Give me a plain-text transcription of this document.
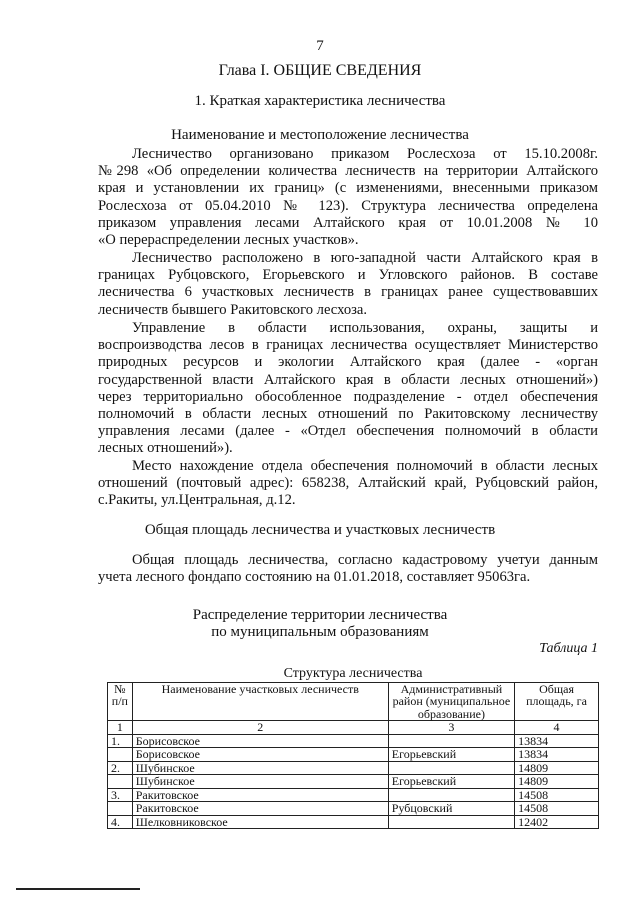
7
Глава I. ОБЩИЕ СВЕДЕНИЯ
1. Краткая характеристика лесничества
Наименование и местоположение лесничества
Лесничество организовано приказом Рослесхоза от 15.10.2008г.
№298 «Об определении количества лесничеств на территории Алтайского
края и установлении их границ» (с изменениями, внесенными приказом
Рослесхоза от 05.04.2010 № 123). Структура лесничества определена
приказом управления лесами Алтайского края от 10.01.2008 № 10
«О перераспределении лесных участков».
Лесничество расположено в юго-западной части Алтайского края в
границах Рубцовского, Егорьевского и Угловского районов. В составе
лесничества 6 участковых лесничеств в границах ранее существовавших
лесничеств бывшего Ракитовского лесхоза.
Управление в области использования, охраны, защиты и
воспроизводства лесов в границах лесничества осуществляет Министерство
природных ресурсов и экологии Алтайского края (далее - «орган
государственной власти Алтайского края в области лесных отношений»)
через территориально обособленное подразделение - отдел обеспечения
полномочий в области лесных отношений по Ракитовскому лесничеству
управления лесами (далее - «Отдел обеспечения полномочий в области
лесных отношений»).
Место нахождение отдела обеспечения полномочий в области лесных
отношений (почтовый адрес): 658238, Алтайский край, Рубцовский район,
с.Ракиты, ул.Центральная, д.12.
Общая площадь лесничества и участковых лесничеств
Общая площадь лесничества, согласно кадастровому учетуи данным
учета лесного фондапо состоянию на 01.01.2018, составляет 95063га.
Распределение территории лесничества
по муниципальным образованиям
Таблица 1
Структура лесничества			
№ п/п	Наименование участковых лесничеств	Административный район (муниципальное образование)	Общая площадь, га
1	2	3	4
1.	Борисовское		13834
	Борисовское	Егорьевский	13834
2.	Шубинское		14809
	Шубинское	Егорьевский	14809
3.	Ракитовское		14508
	Ракитовское	Рубцовский	14508
4.	Шелковниковское		12402
